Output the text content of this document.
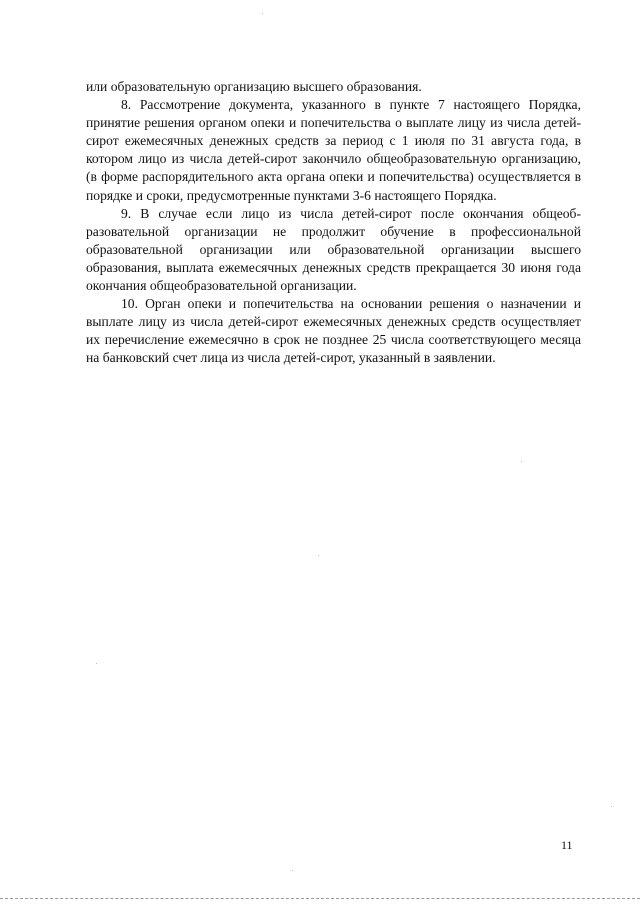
или образовательную организацию высшего образования.

8. Рассмотрение документа, указанного в пункте 7 настоящего Порядка, принятие решения органом опеки и попечительства о выплате лицу из числа детей-сирот ежемесячных денежных средств за период с 1 июля по 31 августа года, в котором лицо из числа детей-сирот закончило общеобразовательную организацию, (в форме распорядительного акта органа опеки и попечительства) осуществляется в порядке и сроки, предусмотренные пунктами 3-6 настоящего Порядка.

9. В случае если лицо из числа детей-сирот после окончания общеобразовательной организации не продолжит обучение в профессиональной образовательной организации или образовательной организации высшего образования, выплата ежемесячных денежных средств прекращается 30 июня года окончания общеобразовательной организации.

10. Орган опеки и попечительства на основании решения о назначении и выплате лицу из числа детей-сирот ежемесячных денежных средств осуществляет их перечисление ежемесячно в срок не позднее 25 числа соответствующего месяца на банковский счет лица из числа детей-сирот, указанный в заявлении.

11
